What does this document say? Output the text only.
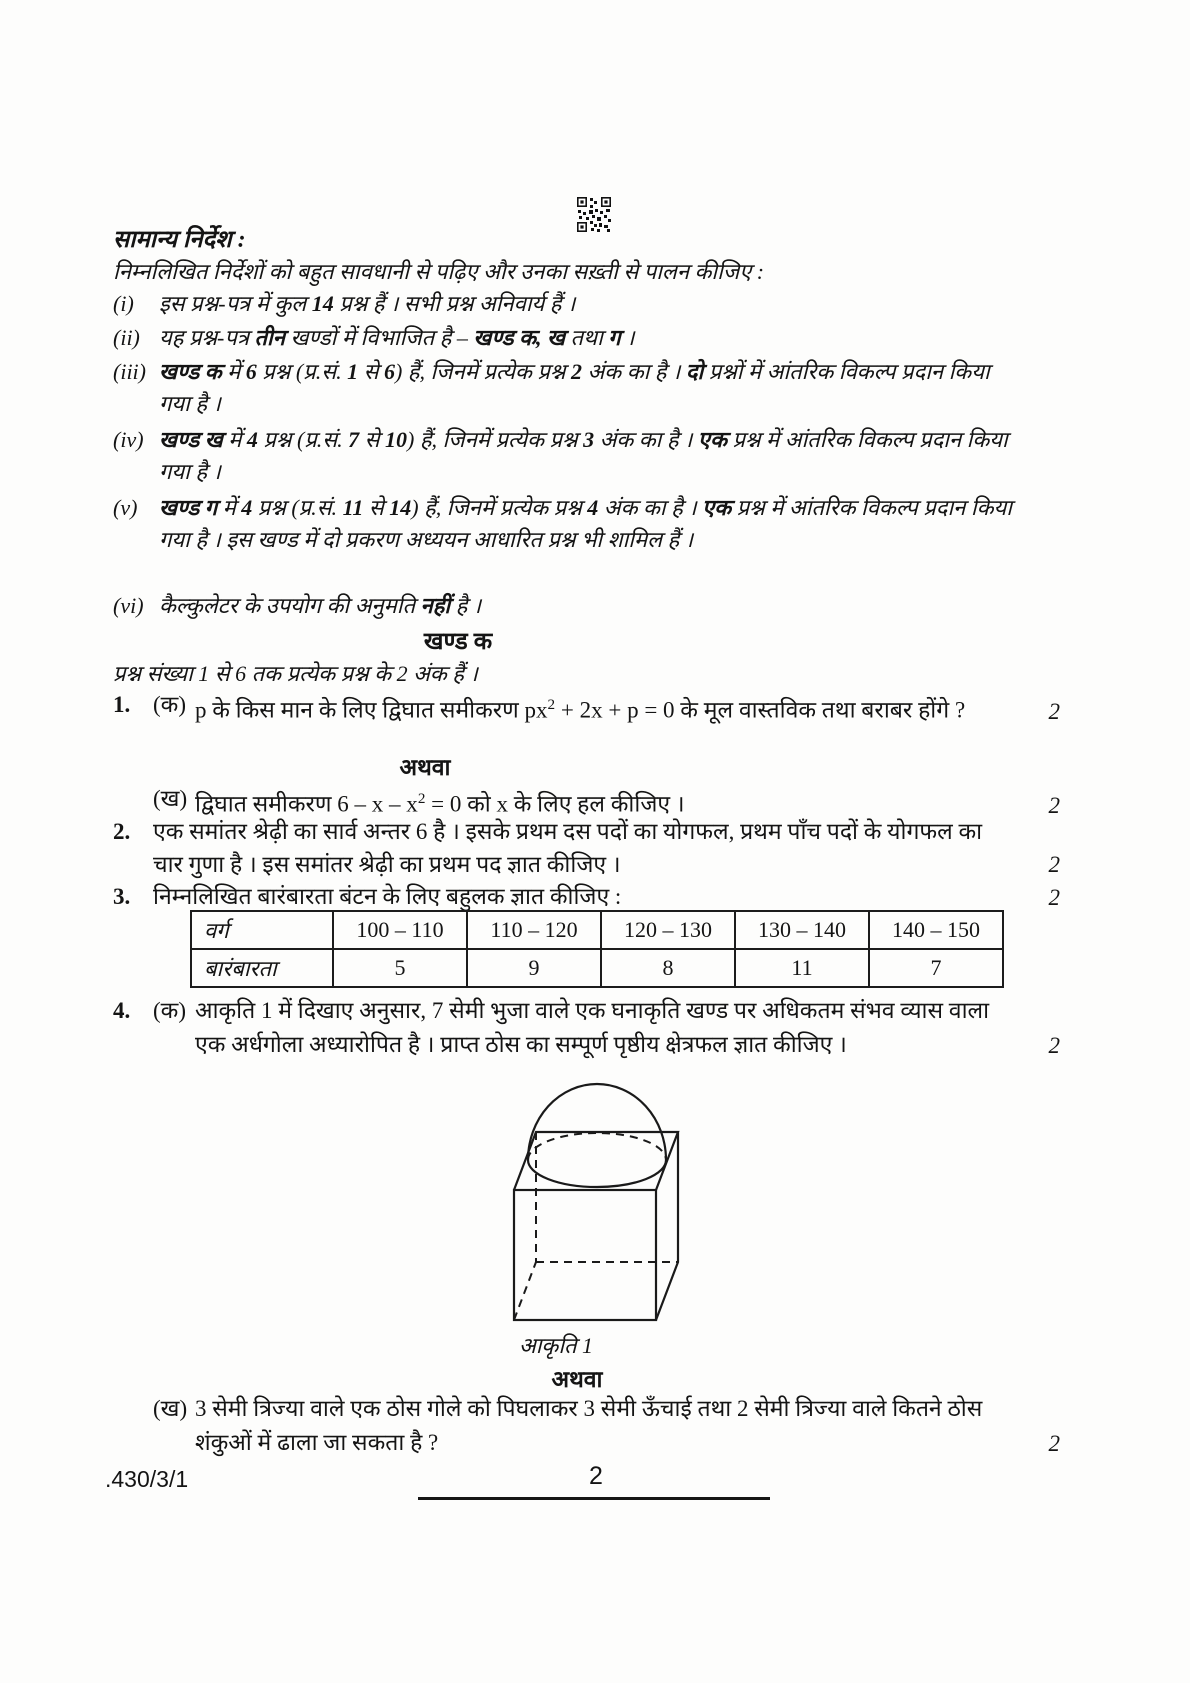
सामान्य निर्देश :
निम्नलिखित निर्देशों को बहुत सावधानी से पढ़िए और उनका सख़्ती से पालन कीजिए :
(i)	इस प्रश्न-पत्र में कुल 14 प्रश्न हैं । सभी प्रश्न अनिवार्य हैं ।
(ii) यह प्रश्न-पत्र तीन खण्डों में विभाजित है – खण्ड क, ख तथा ग ।
(iii) खण्ड क में 6 प्रश्न (प्र.सं. 1 से 6) हैं, जिनमें प्रत्येक प्रश्न 2 अंक का है । दो प्रश्नों में आंतरिक विकल्प प्रदान किया गया है ।
(iv) खण्ड ख में 4 प्रश्न (प्र.सं. 7 से 10) हैं, जिनमें प्रत्येक प्रश्न 3 अंक का है । एक प्रश्न में आंतरिक विकल्प प्रदान किया गया है ।
(v) खण्ड ग में 4 प्रश्न (प्र.सं. 11 से 14) हैं, जिनमें प्रत्येक प्रश्न 4 अंक का है । एक प्रश्न में आंतरिक विकल्प प्रदान किया गया है । इस खण्ड में दो प्रकरण अध्ययन आधारित प्रश्न भी शामिल हैं ।
(vi) कैल्कुलेटर के उपयोग की अनुमति नहीं है ।
खण्ड क
प्रश्न संख्या 1 से 6 तक प्रत्येक प्रश्न के 2 अंक हैं ।
1. (क) p के किस मान के लिए द्विघात समीकरण $px^2 + 2x + p = 0$ के मूल वास्तविक तथा बराबर होंगे ?	2
अथवा
(ख) द्विघात समीकरण $6 - x - x^2 = 0$ को x के लिए हल कीजिए ।	2
2. एक समांतर श्रेढ़ी का सार्व अन्तर 6 है । इसके प्रथम दस पदों का योगफल, प्रथम पाँच पदों के योगफल का चार गुणा है । इस समांतर श्रेढ़ी का प्रथम पद ज्ञात कीजिए ।	2
3. निम्नलिखित बारंबारता बंटन के लिए बहुलक ज्ञात कीजिए :	2
वर्ग	100 – 110	110 – 120	120 – 130	130 – 140	140 – 150
बारंबारता	5	9	8	11	7
4. (क) आकृति 1 में दिखाए अनुसार, 7 सेमी भुजा वाले एक घनाकृति खण्ड पर अधिकतम संभव व्यास वाला एक अर्धगोला अध्यारोपित है । प्राप्त ठोस का सम्पूर्ण पृष्ठीय क्षेत्रफल ज्ञात कीजिए ।	2
आकृति 1
अथवा
(ख) 3 सेमी त्रिज्या वाले एक ठोस गोले को पिघलाकर 3 सेमी ऊँचाई तथा 2 सेमी त्रिज्या वाले कितने ठोस शंकुओं में ढाला जा सकता है ?	2
.430/3/1	2
